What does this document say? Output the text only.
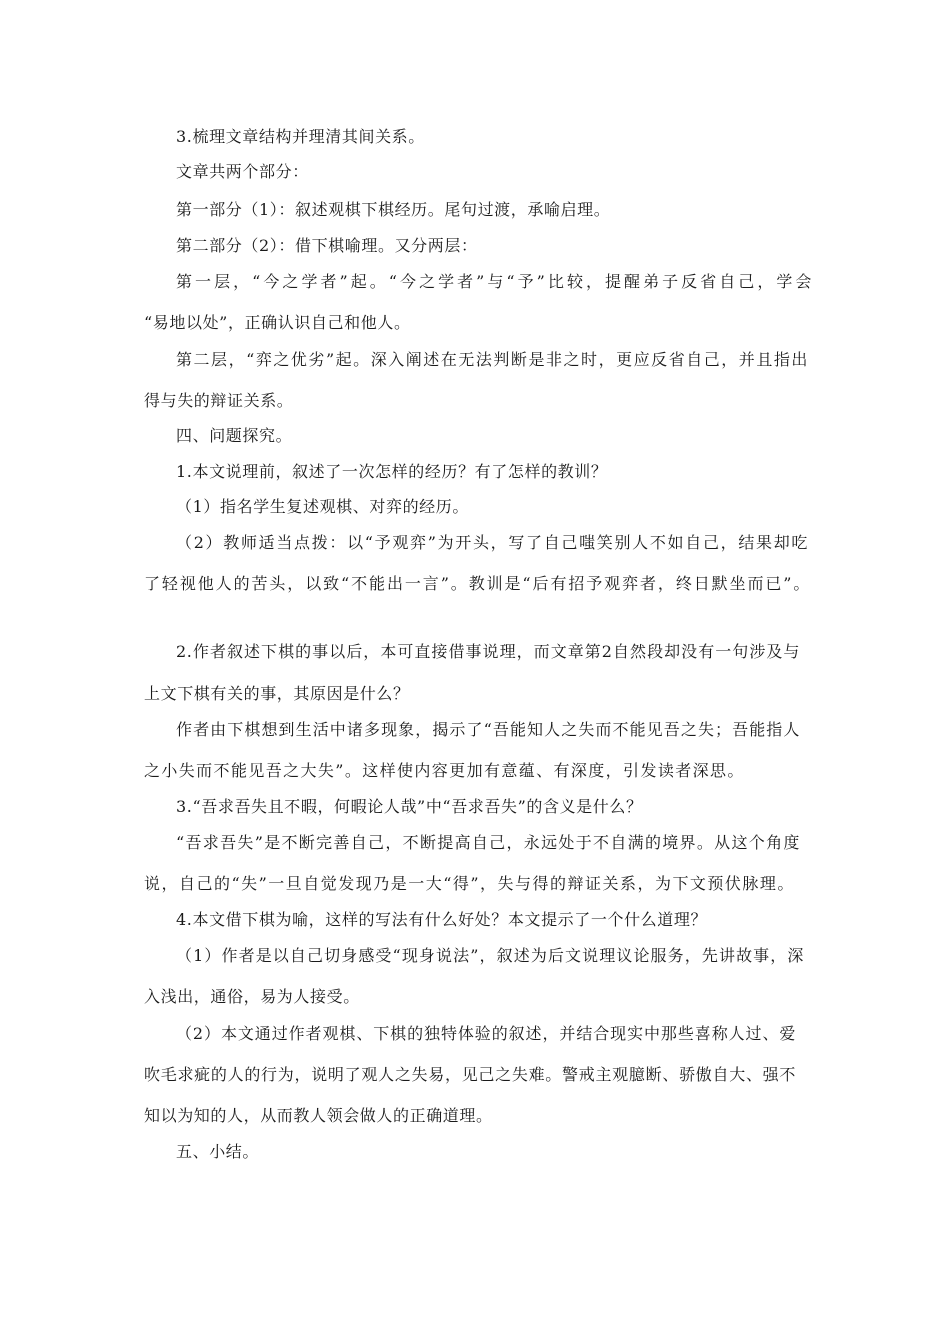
3.梳理文章结构并理清其间关系。
文章共两个部分：
第一部分（1）：叙述观棋下棋经历。尾句过渡，承喻启理。
第二部分（2）：借下棋喻理。又分两层：
第一层，“今之学者”起。“今之学者”与“予”比较，提醒弟子反省自己，学会
“易地以处”，正确认识自己和他人。
第二层，“弈之优劣”起。深入阐述在无法判断是非之时，更应反省自己，并且指出
得与失的辩证关系。
四、问题探究。
1.本文说理前，叙述了一次怎样的经历？有了怎样的教训？
（1）指名学生复述观棋、对弈的经历。
（2）教师适当点拨：以“予观弈”为开头，写了自己嗤笑别人不如自己，结果却吃
了轻视他人的苦头，以致“不能出一言”。教训是“后有招予观弈者，终日默坐而已”。
2.作者叙述下棋的事以后，本可直接借事说理，而文章第2自然段却没有一句涉及与
上文下棋有关的事，其原因是什么？
作者由下棋想到生活中诸多现象，揭示了“吾能知人之失而不能见吾之失；吾能指人
之小失而不能见吾之大失”。这样使内容更加有意蕴、有深度，引发读者深思。
3.“吾求吾失且不暇，何暇论人哉”中“吾求吾失”的含义是什么？
“吾求吾失”是不断完善自己，不断提高自己，永远处于不自满的境界。从这个角度
说，自己的“失”一旦自觉发现乃是一大“得”，失与得的辩证关系，为下文预伏脉理。
4.本文借下棋为喻，这样的写法有什么好处？本文提示了一个什么道理？
（1）作者是以自己切身感受“现身说法”，叙述为后文说理议论服务，先讲故事，深
入浅出，通俗，易为人接受。
（2）本文通过作者观棋、下棋的独特体验的叙述，并结合现实中那些喜称人过、爱
吹毛求疵的人的行为，说明了观人之失易，见己之失难。警戒主观臆断、骄傲自大、强不
知以为知的人，从而教人领会做人的正确道理。
五、小结。
